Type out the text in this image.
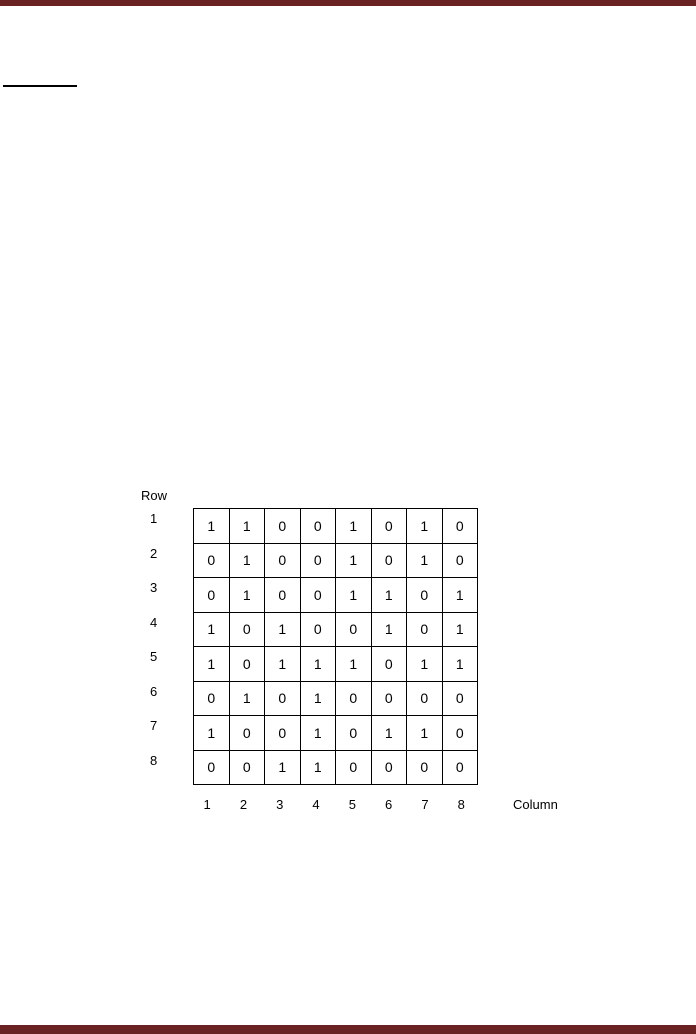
Row
1
2
3
4
5
6
7
8
1	1	0	0	1	0	1	0
0	1	0	0	1	0	1	0
0	1	0	0	1	1	0	1
1	0	1	0	0	1	0	1
1	0	1	1	1	0	1	1
0	1	0	1	0	0	0	0
1	0	0	1	0	1	1	0
0	0	1	1	0	0	0	0
1	2	3	4	5	6	7	8	Column
